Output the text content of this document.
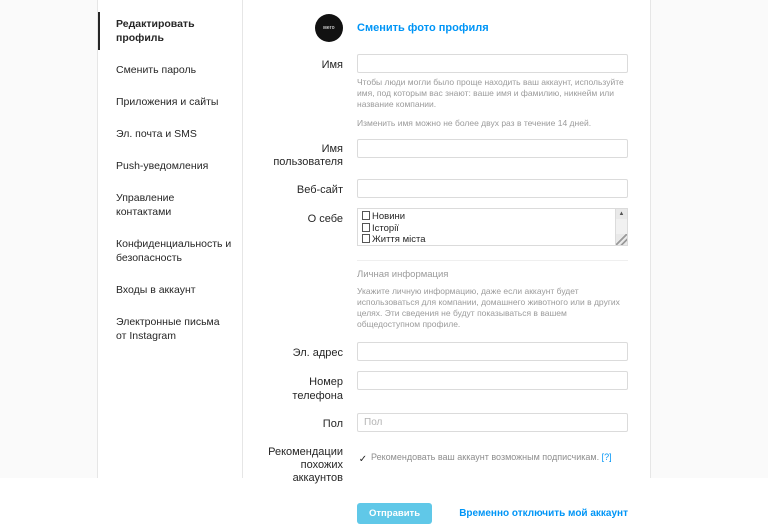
Редактировать профиль
Сменить пароль
Приложения и сайты
Эл. почта и SMS
Push-уведомления
Управление контактами
Конфиденциальность и безопасность
Входы в аккаунт
Электронные письма от Instagram
мего	Сменить фото профиля
Имя
Чтобы люди могли было проще находить ваш аккаунт, используйте имя, под которым вас знают: ваше имя и фамилию, никнейм или название компании.
Изменить имя можно не более двух раз в течение 14 дней.
Имя пользователя
Веб-сайт
О себе	Новини
Історії
Життя міста
▲
Личная информация
Укажите личную информацию, даже если аккаунт будет использоваться для компании, домашнего животного или в других целях. Эти сведения не будут показываться в вашем общедоступном профиле.
Эл. адрес
Номер телефона
Пол
Пол
Рекомендации похожих аккаунтов
✓ Рекомендовать ваш аккаунт возможным подписчикам. [?]
Отправить	Временно отключить мой аккаунт
